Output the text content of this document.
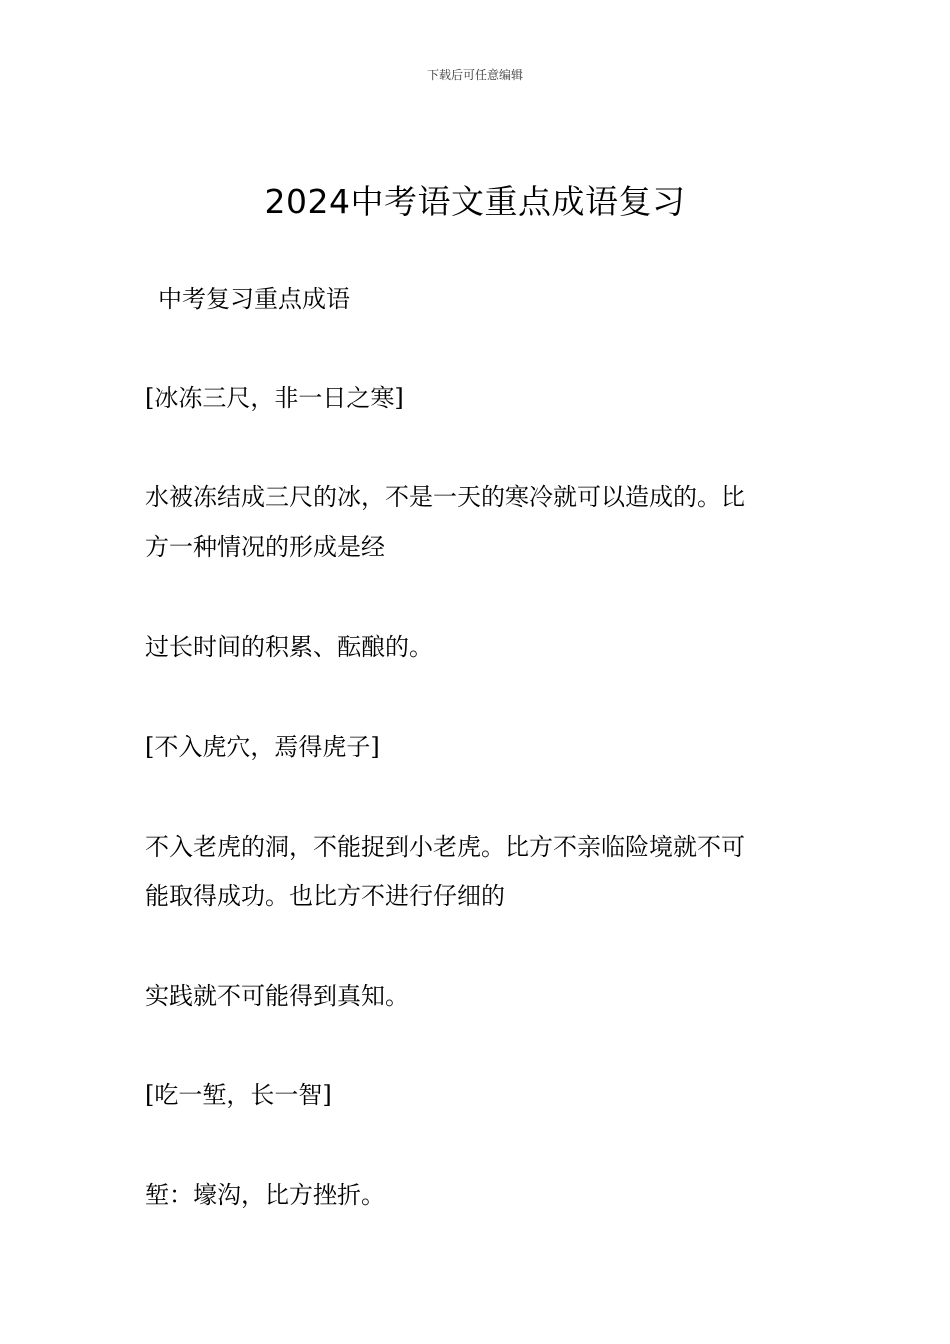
下载后可任意编辑
2024中考语文重点成语复习

中考复习重点成语

[冰冻三尺，非一日之寒]

水被冻结成三尺的冰，不是一天的寒冷就可以造成的。比

方一种情况的形成是经

过长时间的积累、酝酿的。

[不入虎穴，焉得虎子]

不入老虎的洞，不能捉到小老虎。比方不亲临险境就不可

能取得成功。也比方不进行仔细的

实践就不可能得到真知。

[吃一堑，长一智]

堑：壕沟，比方挫折。
